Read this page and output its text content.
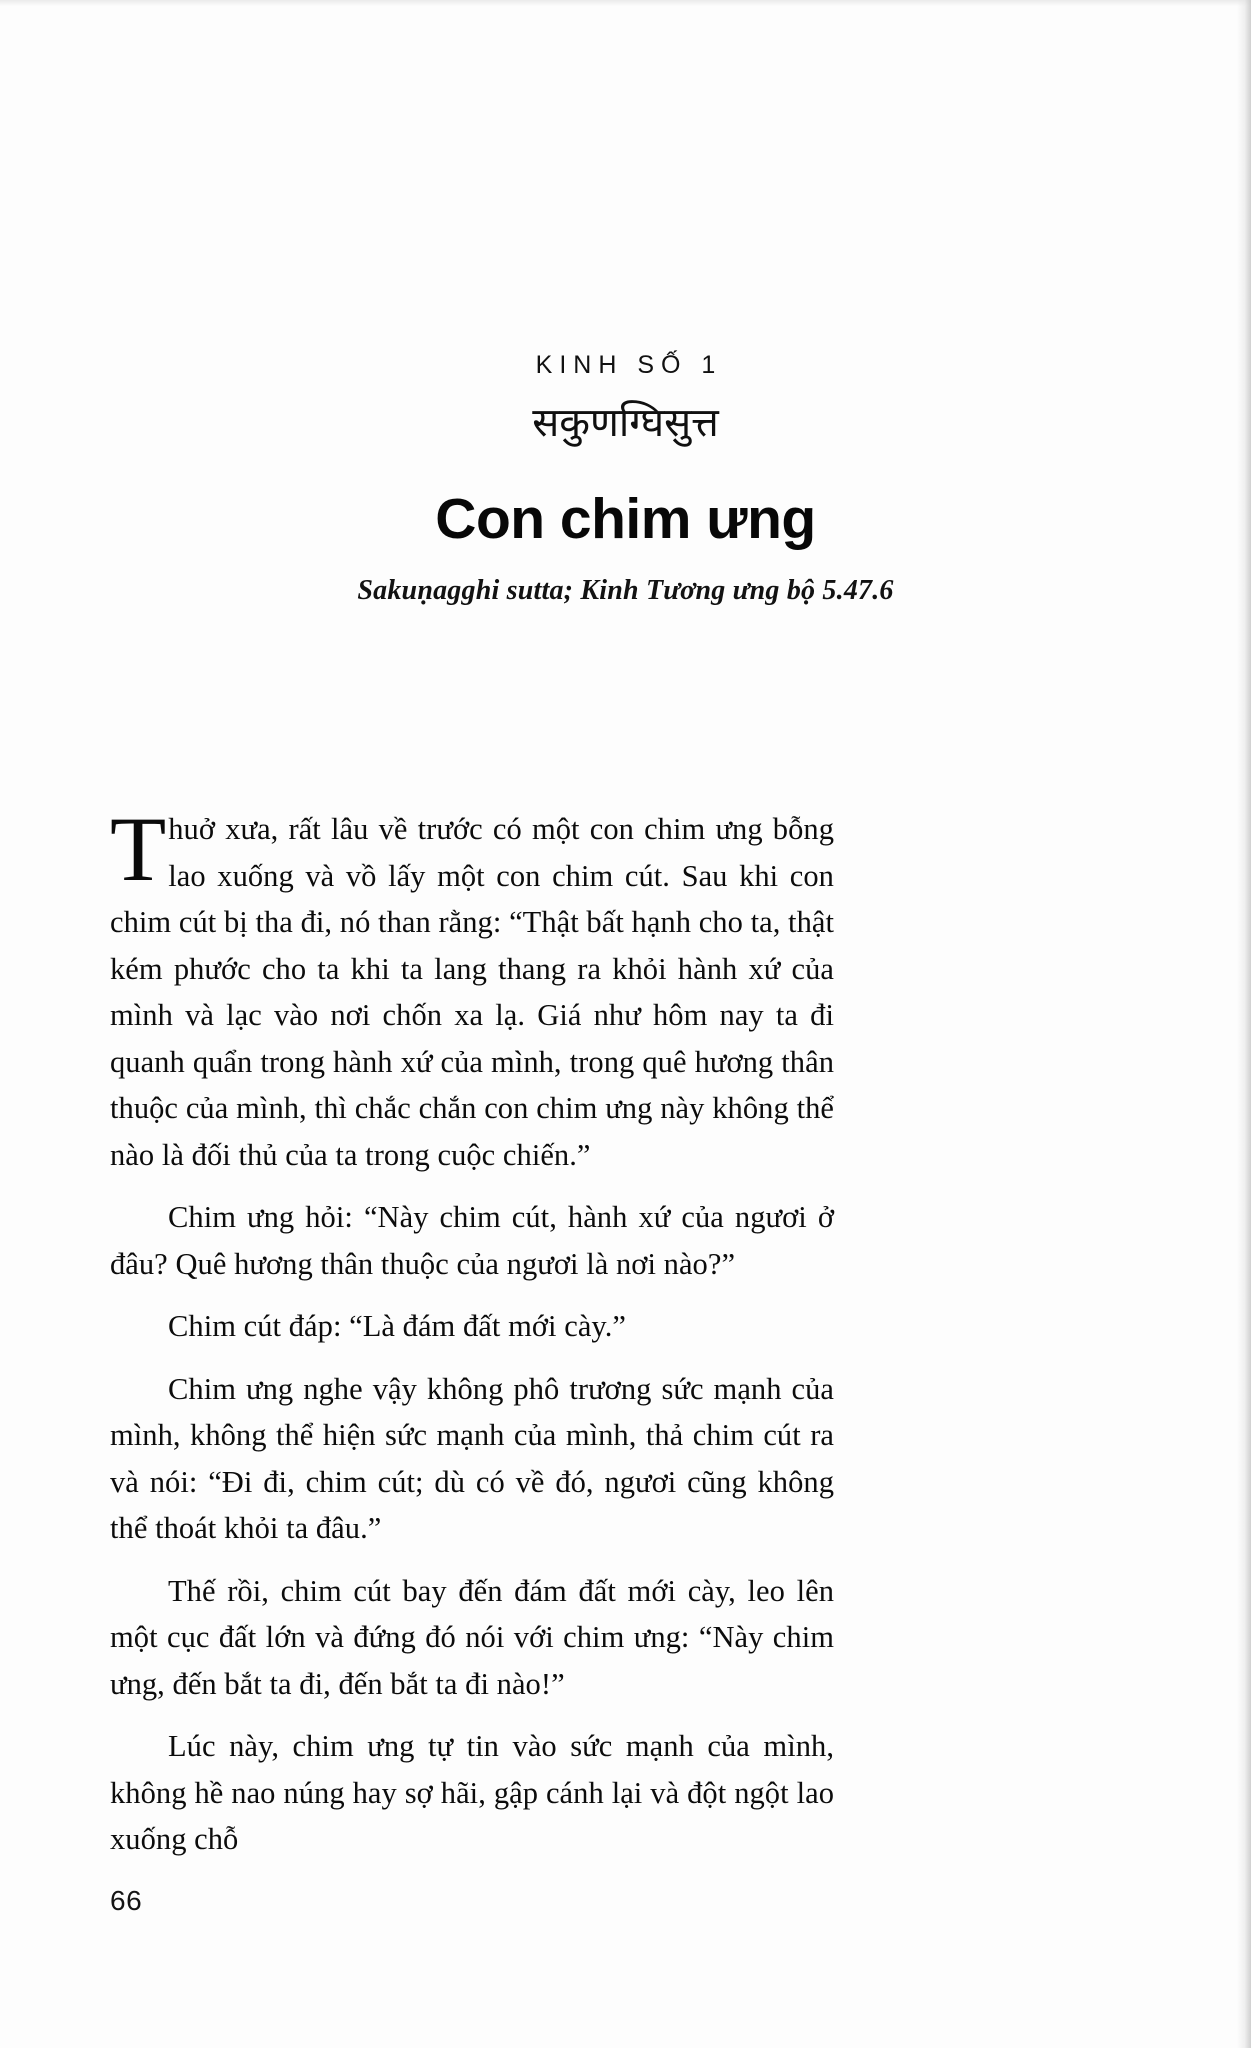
KINH SỐ 1
सकुणग्घिसुत्त
Con chim ưng
Sakuṇagghi sutta; Kinh Tương ưng bộ 5.47.6

Thuở xưa, rất lâu về trước có một con chim ưng bỗng lao xuống và vồ lấy một con chim cút. Sau khi con chim cút bị tha đi, nó than rằng: “Thật bất hạnh cho ta, thật kém phước cho ta khi ta lang thang ra khỏi hành xứ của mình và lạc vào nơi chốn xa lạ. Giá như hôm nay ta đi quanh quẩn trong hành xứ của mình, trong quê hương thân thuộc của mình, thì chắc chắn con chim ưng này không thể nào là đối thủ của ta trong cuộc chiến.”

Chim ưng hỏi: “Này chim cút, hành xứ của ngươi ở đâu? Quê hương thân thuộc của ngươi là nơi nào?”

Chim cút đáp: “Là đám đất mới cày.”

Chim ưng nghe vậy không phô trương sức mạnh của mình, không thể hiện sức mạnh của mình, thả chim cút ra và nói: “Đi đi, chim cút; dù có về đó, ngươi cũng không thể thoát khỏi ta đâu.”

Thế rồi, chim cút bay đến đám đất mới cày, leo lên một cục đất lớn và đứng đó nói với chim ưng: “Này chim ưng, đến bắt ta đi, đến bắt ta đi nào!”

Lúc này, chim ưng tự tin vào sức mạnh của mình, không hề nao núng hay sợ hãi, gập cánh lại và đột ngột lao xuống chỗ

66
